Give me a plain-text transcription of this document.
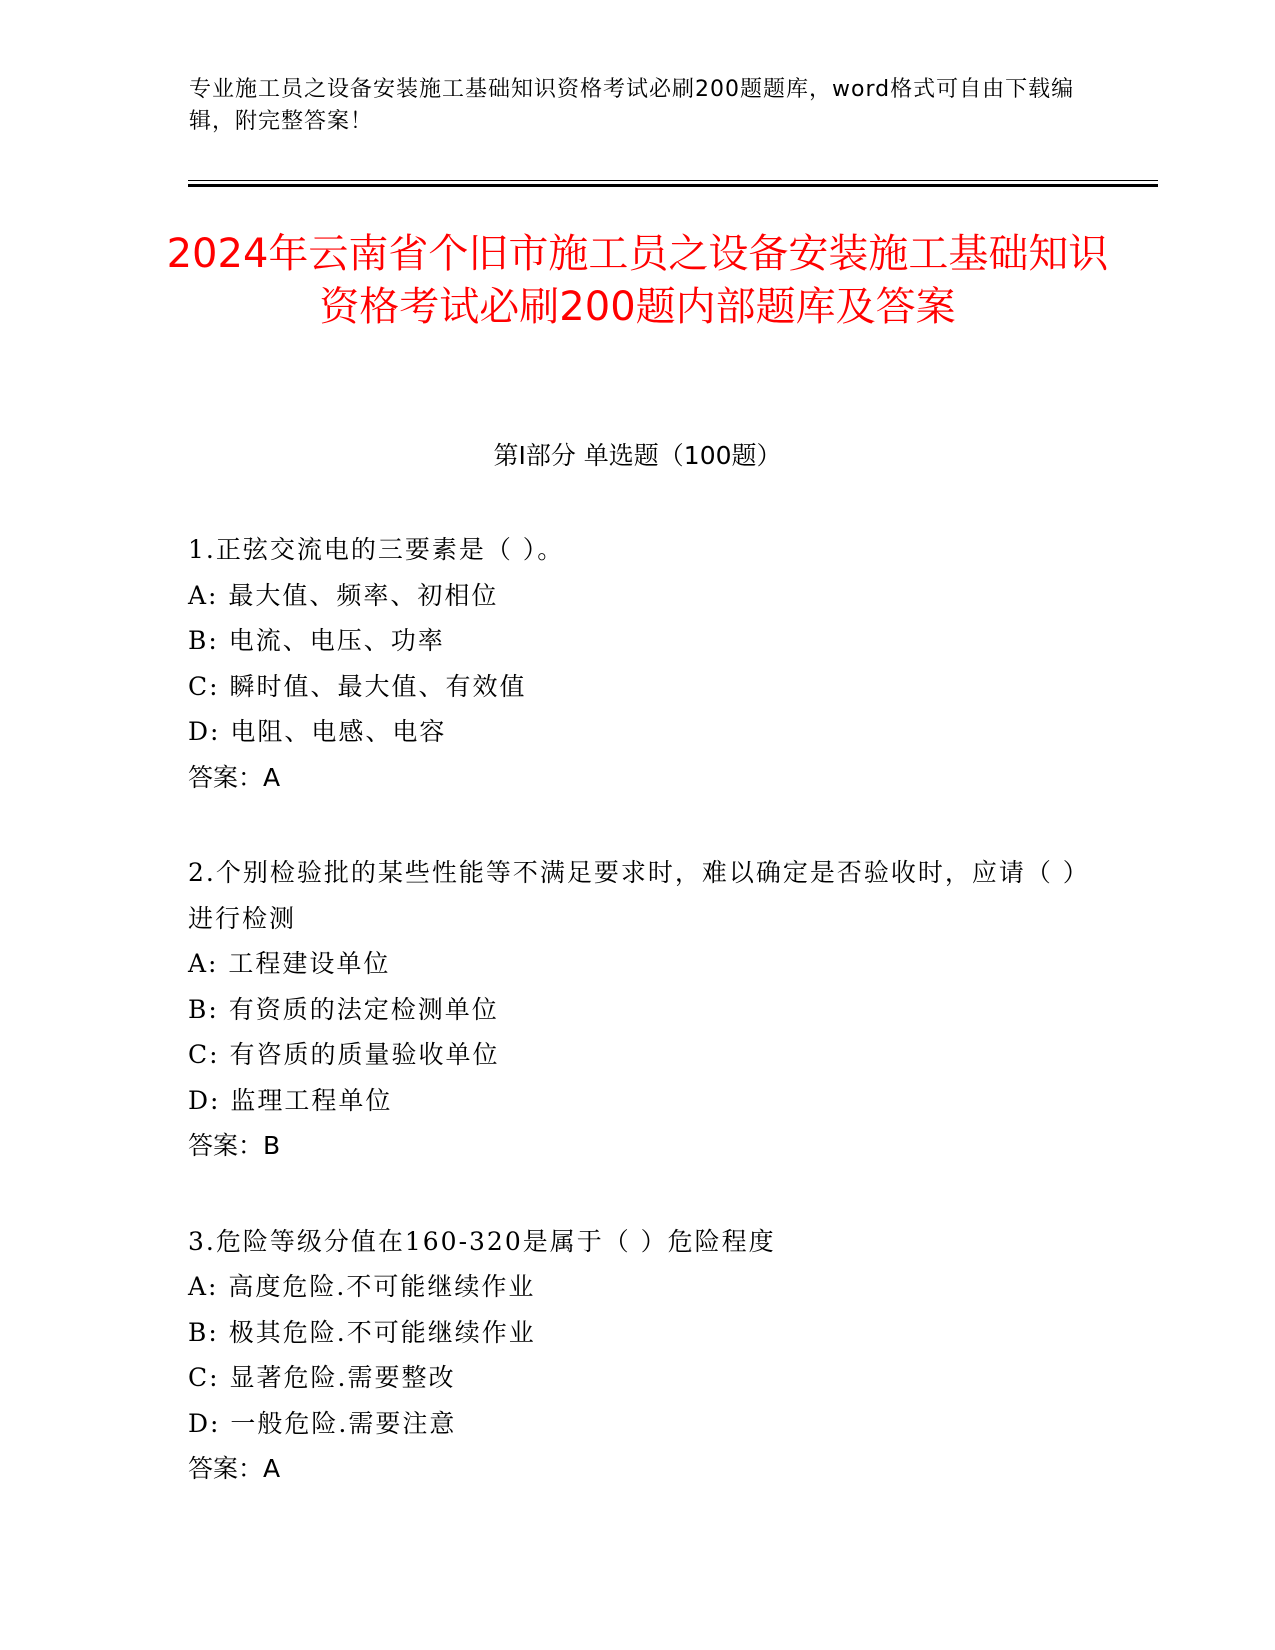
专业施工员之设备安装施工基础知识资格考试必刷200题题库，word格式可自由下载编辑，附完整答案！
2024年云南省个旧市施工员之设备安装施工基础知识资格考试必刷200题内部题库及答案
第Ⅰ部分 单选题（100题）
1.正弦交流电的三要素是（ ）。
A: 最大值、频率、初相位
B: 电流、电压、功率
C: 瞬时值、最大值、有效值
D: 电阻、电感、电容
答案：A
2.个别检验批的某些性能等不满足要求时，难以确定是否验收时，应请（ ）进行检测
A: 工程建设单位
B: 有资质的法定检测单位
C: 有咨质的质量验收单位
D: 监理工程单位
答案：B
3.危险等级分值在160-320是属于（ ）危险程度
A: 高度危险.不可能继续作业
B: 极其危险.不可能继续作业
C: 显著危险.需要整改
D: 一般危险.需要注意
答案：A
